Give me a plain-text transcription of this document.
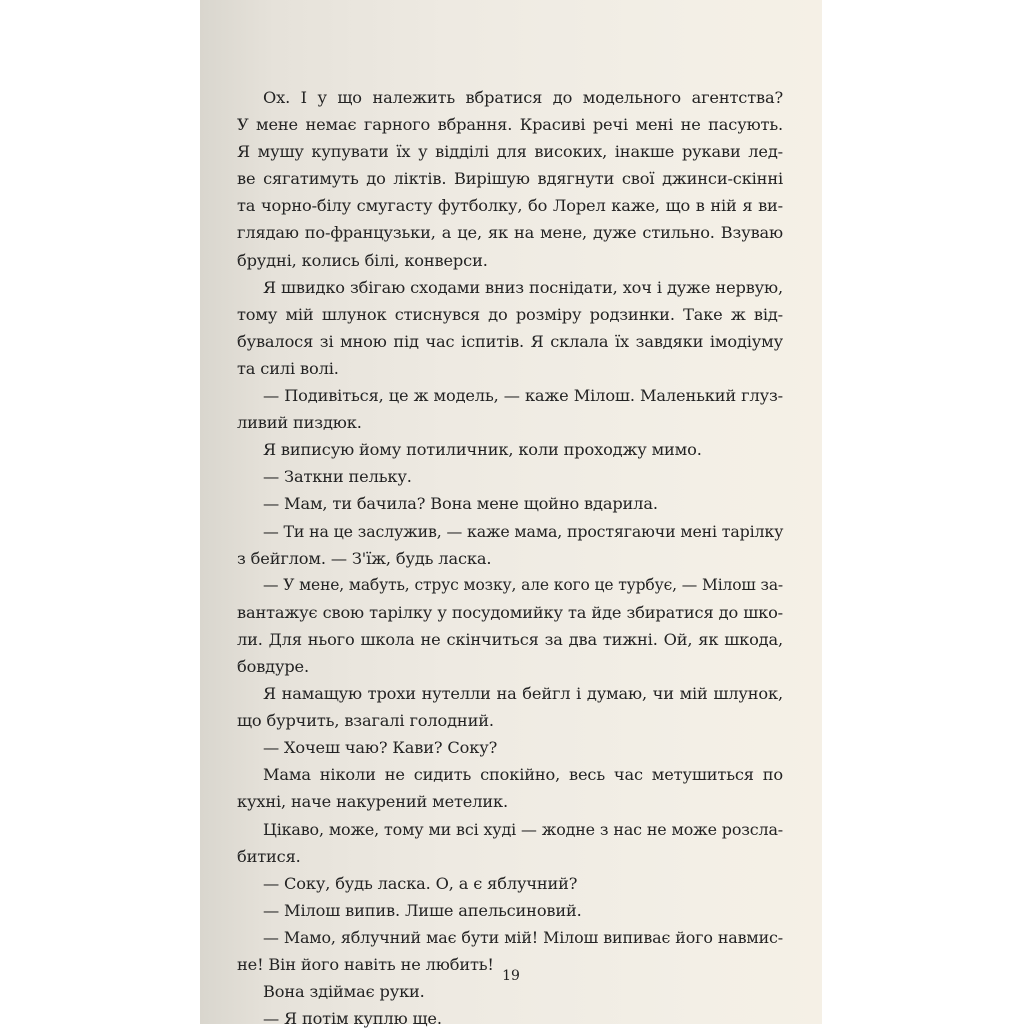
Ох. І у що належить вбратися до модельного агентства?
У мене немає гарного вбрання. Красиві речі мені не пасують.
Я мушу купувати їх у відділі для високих, інакше рукави лед-
ве сягатимуть до ліктів. Вирішую вдягнути свої джинси-скінні
та чорно-білу смугасту футболку, бо Лорел каже, що в ній я ви-
глядаю по-французьки, а це, як на мене, дуже стильно. Взуваю
брудні, колись білі, конверси.
Я швидко збігаю сходами вниз поснідати, хоч і дуже нервую,
тому мій шлунок стиснувся до розміру родзинки. Таке ж від-
бувалося зі мною під час іспитів. Я склала їх завдяки імодіуму
та силі волі.
— Подивіться, це ж модель, — каже Мілош. Маленький глуз-
ливий пиздюк.
Я виписую йому потиличник, коли проходжу мимо.
— Заткни пельку.
— Мам, ти бачила? Вона мене щойно вдарила.
— Ти на це заслужив, — каже мама, простягаючи мені тарілку
з бейглом. — З'їж, будь ласка.
— У мене, мабуть, струс мозку, але кого це турбує, — Мілош за-
вантажує свою тарілку у посудомийку та йде збиратися до шко-
ли. Для нього школа не скінчиться за два тижні. Ой, як шкода,
бовдуре.
Я намащую трохи нутелли на бейгл і думаю, чи мій шлунок,
що бурчить, взагалі голодний.
— Хочеш чаю? Кави? Соку?
Мама ніколи не сидить спокійно, весь час метушиться по
кухні, наче накурений метелик.
Цікаво, може, тому ми всі худі — жодне з нас не може розсла-
битися.
— Соку, будь ласка. О, а є яблучний?
— Мілош випив. Лише апельсиновий.
— Мамо, яблучний має бути мій! Мілош випиває його навмис-
не! Він його навіть не любить!
Вона здіймає руки.
— Я потім куплю ще.
19
